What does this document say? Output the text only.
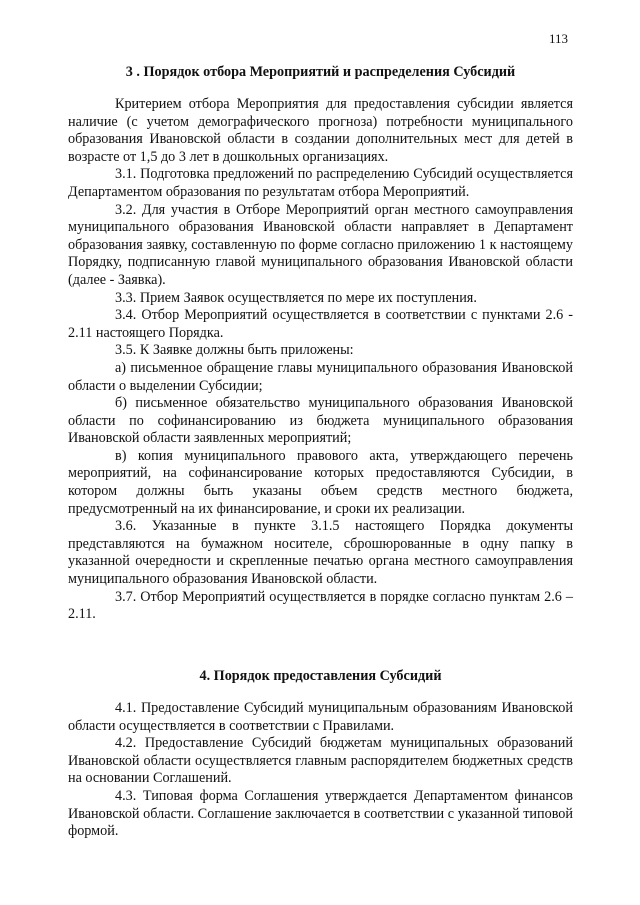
113
3 . Порядок отбора Мероприятий и распределения Субсидий

Критерием отбора Мероприятия для предоставления субсидии является наличие (с учетом демографического прогноза) потребности муниципального образования Ивановской области в создании дополнительных мест для детей в возрасте от 1,5 до 3 лет в дошкольных организациях.

3.1. Подготовка предложений по распределению Субсидий осуществляется Департаментом образования по результатам отбора Мероприятий.

3.2. Для участия в Отборе Мероприятий орган местного самоуправления муниципального образования Ивановской области направляет в Департамент образования заявку, составленную по форме согласно приложению 1 к настоящему Порядку, подписанную главой муниципального образования Ивановской области (далее - Заявка).

3.3. Прием Заявок осуществляется по мере их поступления.

3.4. Отбор Мероприятий осуществляется в соответствии с пунктами 2.6 - 2.11 настоящего Порядка.

3.5. К Заявке должны быть приложены:

а) письменное обращение главы муниципального образования Ивановской области о выделении Субсидии;

б) письменное обязательство муниципального образования Ивановской области по софинансированию из бюджета муниципального образования Ивановской области заявленных мероприятий;

в) копия муниципального правового акта, утверждающего перечень мероприятий, на софинансирование которых предоставляются Субсидии, в котором должны быть указаны объем средств местного бюджета, предусмотренный на их финансирование, и сроки их реализации.

3.6. Указанные в пункте 3.1.5 настоящего Порядка документы представляются на бумажном носителе, сброшюрованные в одну папку в указанной очередности и скрепленные печатью органа местного самоуправления муниципального образования Ивановской области.

3.7. Отбор Мероприятий осуществляется в порядке согласно пунктам 2.6 – 2.11.

4. Порядок предоставления Субсидий

4.1. Предоставление Субсидий муниципальным образованиям Ивановской области осуществляется в соответствии с Правилами.

4.2. Предоставление Субсидий бюджетам муниципальных образований Ивановской области осуществляется главным распорядителем бюджетных средств на основании Соглашений.

4.3. Типовая форма Соглашения утверждается Департаментом финансов Ивановской области. Соглашение заключается в соответствии с указанной типовой формой.
